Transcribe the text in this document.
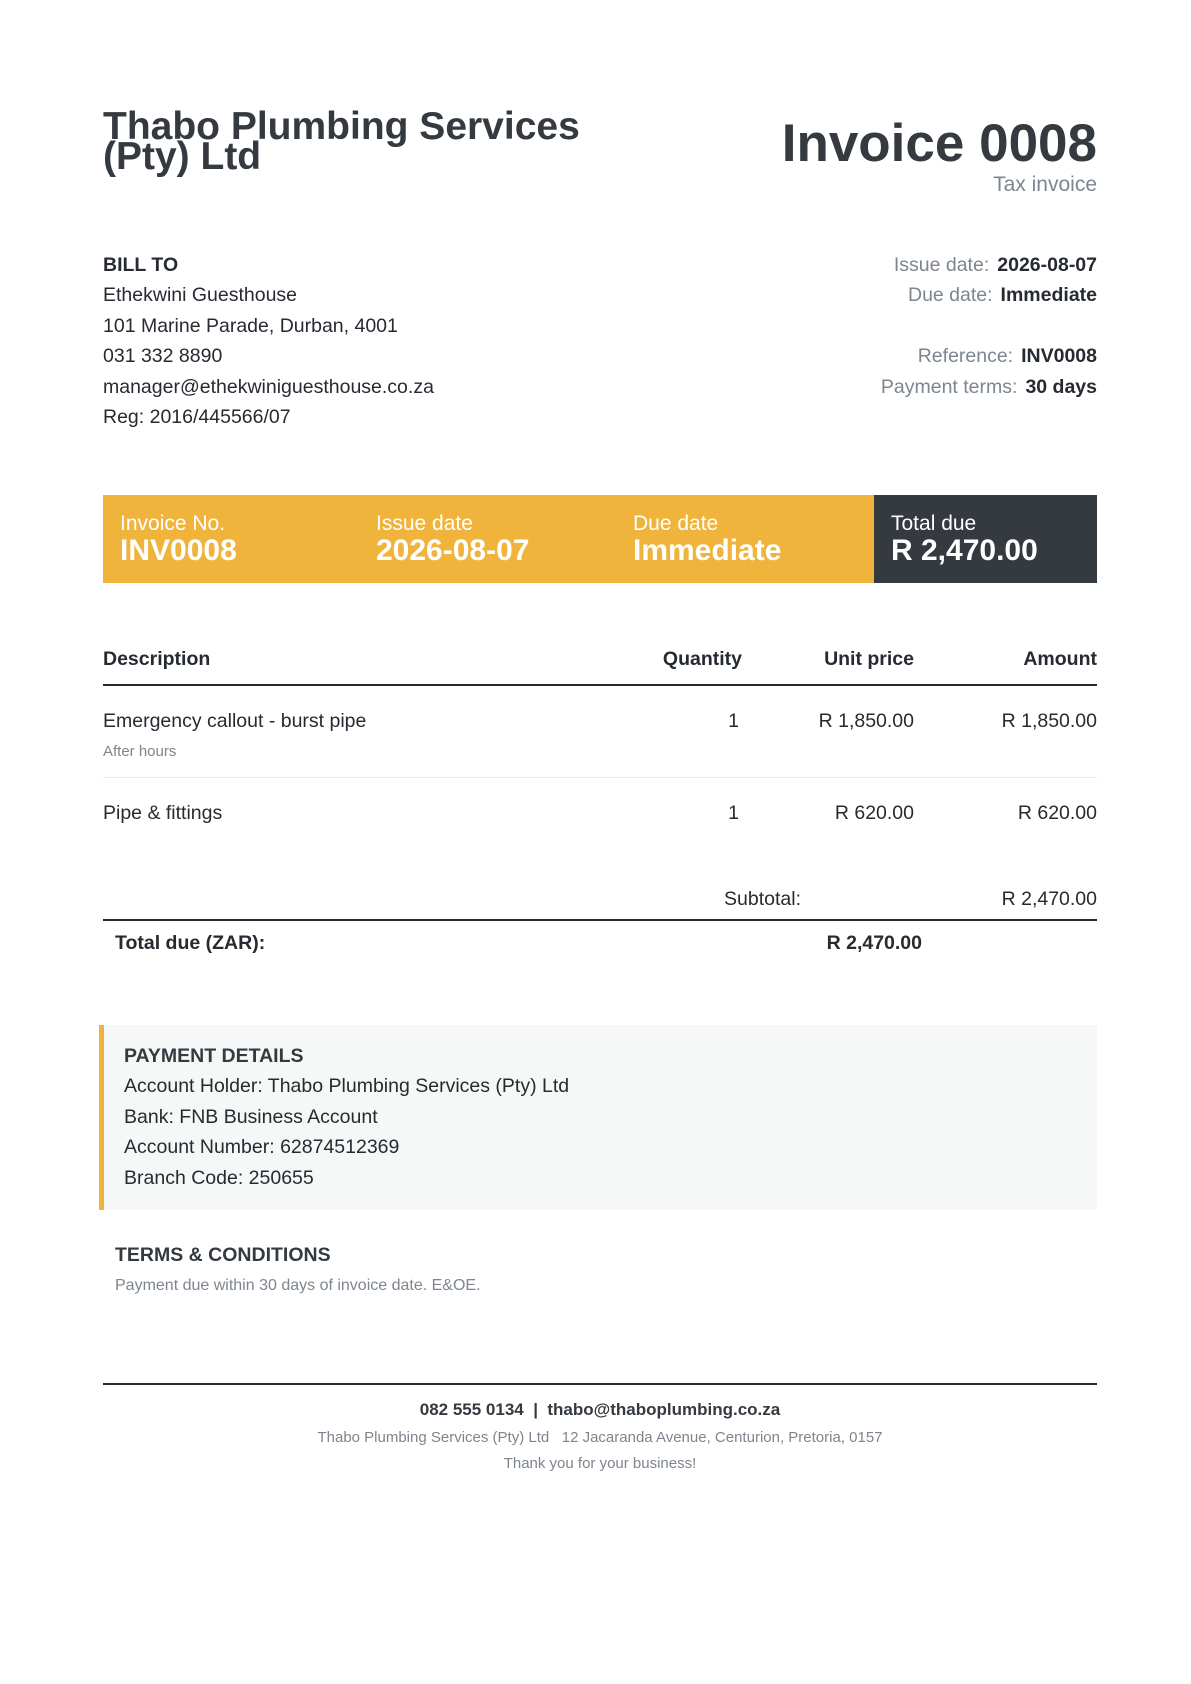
Thabo Plumbing Services (Pty) Ltd	Invoice 0008
Tax invoice
BILL TO
Ethekwini Guesthouse
101 Marine Parade, Durban, 4001
031 332 8890
manager@ethekwiniguesthouse.co.za
Reg: 2016/445566/07
Issue date: 2026-08-07
Due date: Immediate
Reference: INV0008
Payment terms: 30 days
Invoice No.
INV0008
Issue date
2026-08-07
Due date
Immediate
Total due
R 2,470.00
Description	Quantity	Unit price	Amount
Emergency callout - burst pipe
After hours
1	R 1,850.00	R 1,850.00
Pipe & fittings	1	R 620.00	R 620.00
Subtotal:	R 2,470.00
Total due (ZAR):	R 2,470.00
PAYMENT DETAILS
Account Holder: Thabo Plumbing Services (Pty) Ltd
Bank: FNB Business Account
Account Number: 62874512369
Branch Code: 250655
TERMS & CONDITIONS
Payment due within 30 days of invoice date. E&OE.
082 555 0134  |  thabo@thaboplumbing.co.za
Thabo Plumbing Services (Pty) Ltd   12 Jacaranda Avenue, Centurion, Pretoria, 0157
Thank you for your business!
